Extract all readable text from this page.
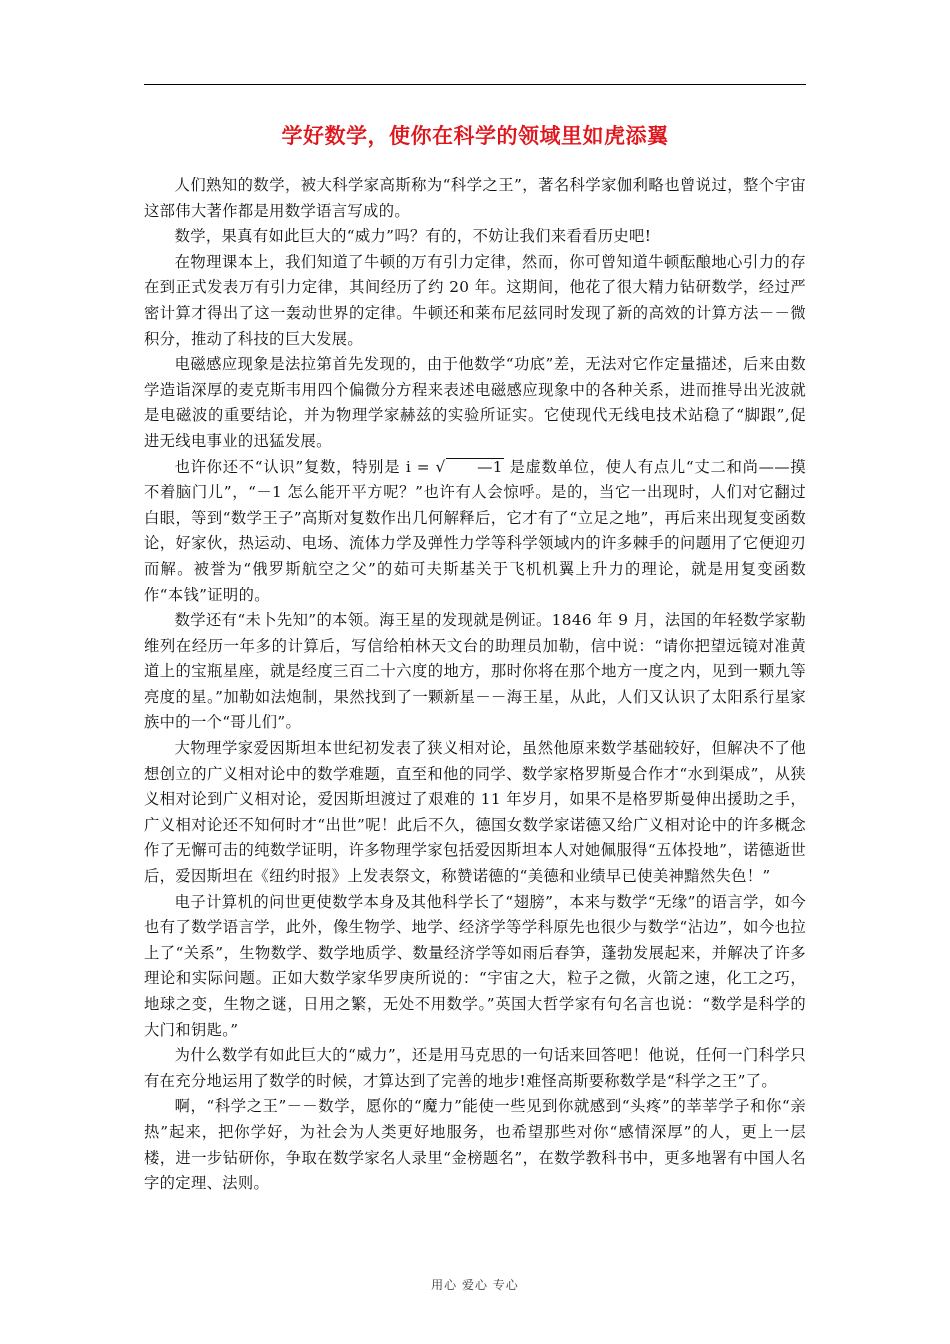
学好数学，使你在科学的领域里如虎添翼

人们熟知的数学，被大科学家高斯称为“科学之王”，著名科学家伽利略也曾说过，整个宇宙这部伟大著作都是用数学语言写成的。

数学，果真有如此巨大的“威力”吗？有的，不妨让我们来看看历史吧!

在物理课本上，我们知道了牛顿的万有引力定律，然而，你可曾知道牛顿酝酿地心引力的存在到正式发表万有引力定律，其间经历了约 20 年。这期间，他花了很大精力钻研数学，经过严密计算才得出了这一轰动世界的定律。牛顿还和莱布尼兹同时发现了新的高效的计算方法－－微积分，推动了科技的巨大发展。

电磁感应现象是法拉第首先发现的，由于他数学“功底”差，无法对它作定量描述，后来由数学造诣深厚的麦克斯韦用四个偏微分方程来表述电磁感应现象中的各种关系，进而推导出光波就是电磁波的重要结论，并为物理学家赫兹的实验所证实。它使现代无线电技术站稳了“脚跟”,促进无线电事业的迅猛发展。

也许你还不“认识”复数，特别是 i = √ —1 是虚数单位，使人有点儿“丈二和尚——摸不着脑门儿”，“－1 怎么能开平方呢？”也许有人会惊呼。是的，当它一出现时，人们对它翻过白眼，等到“数学王子”高斯对复数作出几何解释后，它才有了“立足之地”，再后来出现复变函数论，好家伙，热运动、电场、流体力学及弹性力学等科学领域内的许多棘手的问题用了它便迎刃而解。被誉为“俄罗斯航空之父”的茹可夫斯基关于飞机机翼上升力的理论，就是用复变函数作“本钱”证明的。

数学还有“未卜先知”的本领。海王星的发现就是例证。1846 年 9 月，法国的年轻数学家勒维列在经历一年多的计算后，写信给柏林天文台的助理员加勒，信中说：“请你把望远镜对准黄道上的宝瓶星座，就是经度三百二十六度的地方，那时你将在那个地方一度之内，见到一颗九等亮度的星。”加勒如法炮制，果然找到了一颗新星－－海王星，从此，人们又认识了太阳系行星家族中的一个“哥儿们”。

大物理学家爱因斯坦本世纪初发表了狭义相对论，虽然他原来数学基础较好，但解决不了他想创立的广义相对论中的数学难题，直至和他的同学、数学家格罗斯曼合作才“水到渠成”，从狭义相对论到广义相对论，爱因斯坦渡过了艰难的 11 年岁月，如果不是格罗斯曼伸出援助之手，广义相对论还不知何时才“出世”呢！此后不久，德国女数学家诺德又给广义相对论中的许多概念作了无懈可击的纯数学证明，许多物理学家包括爱因斯坦本人对她佩服得“五体投地”，诺德逝世后，爱因斯坦在《纽约时报》上发表祭文，称赞诺德的“美德和业绩早已使美神黯然失色！”

电子计算机的问世更使数学本身及其他科学长了“翅膀”，本来与数学“无缘”的语言学，如今也有了数学语言学，此外，像生物学、地学、经济学等学科原先也很少与数学“沾边”，如今也拉上了“关系”，生物数学、数学地质学、数量经济学等如雨后春笋，蓬勃发展起来，并解决了许多理论和实际问题。正如大数学家华罗庚所说的：“宇宙之大，粒子之微，火箭之速，化工之巧，地球之变，生物之谜，日用之繁，无处不用数学。”英国大哲学家有句名言也说：“数学是科学的大门和钥匙。”

为什么数学有如此巨大的“威力”，还是用马克思的一句话来回答吧！他说，任何一门科学只有在充分地运用了数学的时候，才算达到了完善的地步!难怪高斯要称数学是“科学之王”了。

啊，“科学之王”－－数学，愿你的“魔力”能使一些见到你就感到“头疼”的莘莘学子和你“亲热”起来，把你学好，为社会为人类更好地服务，也希望那些对你“感情深厚”的人，更上一层楼，进一步钻研你，争取在数学家名人录里“金榜题名”，在数学教科书中，更多地署有中国人名字的定理、法则。

用心 爱心 专心
